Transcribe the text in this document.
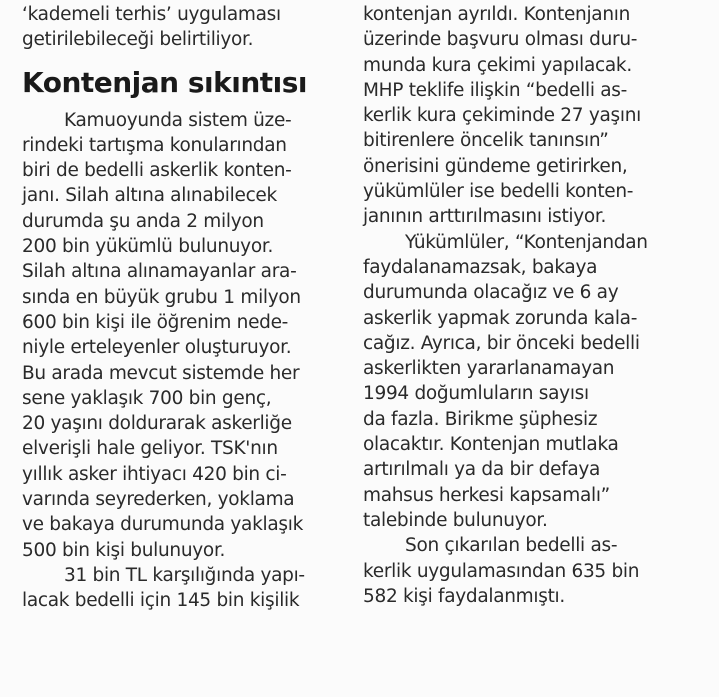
‘kademeli terhis’ uygulaması
getirilebileceği belirtiliyor.
Kontenjan sıkıntısı
Kamuoyunda sistem üze-
rindeki tartışma konularından
biri de bedelli askerlik konten-
janı. Silah altına alınabilecek
durumda şu anda 2 milyon
200 bin yükümlü bulunuyor.
Silah altına alınamayanlar ara-
sında en büyük grubu 1 milyon
600 bin kişi ile öğrenim nede-
niyle erteleyenler oluşturuyor.
Bu arada mevcut sistemde her
sene yaklaşık 700 bin genç,
20 yaşını doldurarak askerliğe
elverişli hale geliyor. TSK'nın
yıllık asker ihtiyacı 420 bin ci-
varında seyrederken, yoklama
ve bakaya durumunda yaklaşık
500 bin kişi bulunuyor.
31 bin TL karşılığında yapı-
lacak bedelli için 145 bin kişilik
kontenjan ayrıldı. Kontenjanın
üzerinde başvuru olması duru-
munda kura çekimi yapılacak.
MHP teklife ilişkin “bedelli as-
kerlik kura çekiminde 27 yaşını
bitirenlere öncelik tanınsın”
önerisini gündeme getirirken,
yükümlüler ise bedelli konten-
janının arttırılmasını istiyor.
Yükümlüler, “Kontenjandan
faydalanamazsak, bakaya
durumunda olacağız ve 6 ay
askerlik yapmak zorunda kala-
cağız. Ayrıca, bir önceki bedelli
askerlikten yararlanamayan
1994 doğumluların sayısı
da fazla. Birikme şüphesiz
olacaktır. Kontenjan mutlaka
artırılmalı ya da bir defaya
mahsus herkesi kapsamalı”
talebinde bulunuyor.
Son çıkarılan bedelli as-
kerlik uygulamasından 635 bin
582 kişi faydalanmıştı.
